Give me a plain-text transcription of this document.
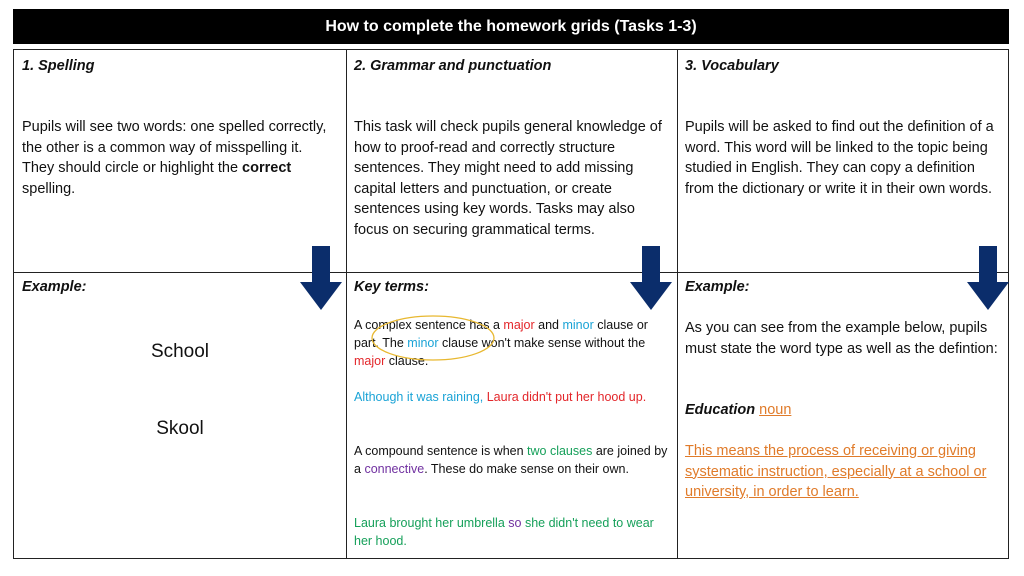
How to complete the homework grids (Tasks 1-3)
1. Spelling
Pupils will see two words: one spelled correctly, the other is a common way of misspelling it. They should circle or highlight the correct spelling.
2. Grammar and punctuation
This task will check pupils general knowledge of how to proof-read and correctly structure sentences. They might need to add missing capital letters and punctuation, or create sentences using key words. Tasks may also focus on securing grammatical terms.
3. Vocabulary
Pupils will be asked to find out the definition of a word. This word will be linked to the topic being studied in English. They can copy a definition from the dictionary or write it in their own words.
Example:
School
Skool
Key terms:
A complex sentence has a major and minor clause or part. The minor clause won't make sense without the major clause.
Although it was raining, Laura didn't put her hood up.
A compound sentence is when two clauses are joined by a connective. These do make sense on their own.
Laura brought her umbrella so she didn't need to wear her hood.
Example:
As you can see from the example below, pupils must state the word type as well as the defintion:
Education noun
This means the process of receiving or giving systematic instruction, especially at a school or university, in order to learn.
